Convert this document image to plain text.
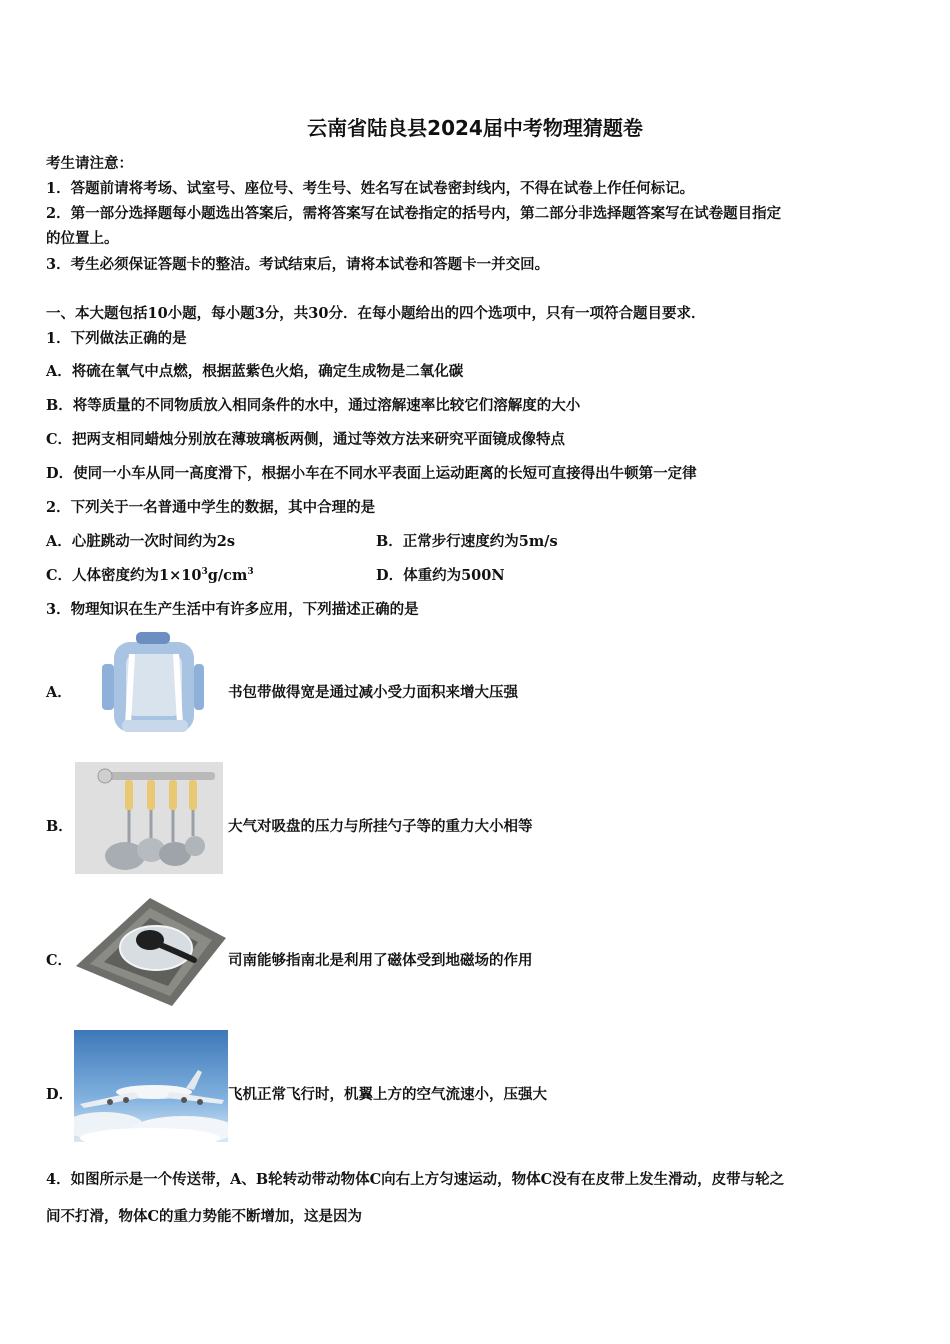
云南省陆良县2024届中考物理猜题卷
考生请注意：
1．答题前请将考场、试室号、座位号、考生号、姓名写在试卷密封线内，不得在试卷上作任何标记。
2．第一部分选择题每小题选出答案后，需将答案写在试卷指定的括号内，第二部分非选择题答案写在试卷题目指定
的位置上。
3．考生必须保证答题卡的整洁。考试结束后，请将本试卷和答题卡一并交回。
一、本大题包括10小题，每小题3分，共30分．在每小题给出的四个选项中，只有一项符合题目要求．
1．下列做法正确的是
A．将硫在氧气中点燃，根据蓝紫色火焰，确定生成物是二氧化碳
B．将等质量的不同物质放入相同条件的水中，通过溶解速率比较它们溶解度的大小
C．把两支相同蜡烛分别放在薄玻璃板两侧，通过等效方法来研究平面镜成像特点
D．使同一小车从同一高度滑下，根据小车在不同水平表面上运动距离的长短可直接得出牛顿第一定律
2．下列关于一名普通中学生的数据，其中合理的是
A．心脏跳动一次时间约为2s	B．正常步行速度约为5m/s
C．人体密度约为$1\times 10^3g/cm^3$	D．体重约为500N
3．物理知识在生产生活中有许多应用，下列描述正确的是
A．	书包带做得宽是通过减小受力面积来增大压强
B．	大气对吸盘的压力与所挂勺子等的重力大小相等
C．	司南能够指南北是利用了磁体受到地磁场的作用
D．	飞机正常飞行时，机翼上方的空气流速小，压强大
4．如图所示是一个传送带，A、B轮转动带动物体C向右上方匀速运动，物体C没有在皮带上发生滑动，皮带与轮之
间不打滑，物体C的重力势能不断增加，这是因为
